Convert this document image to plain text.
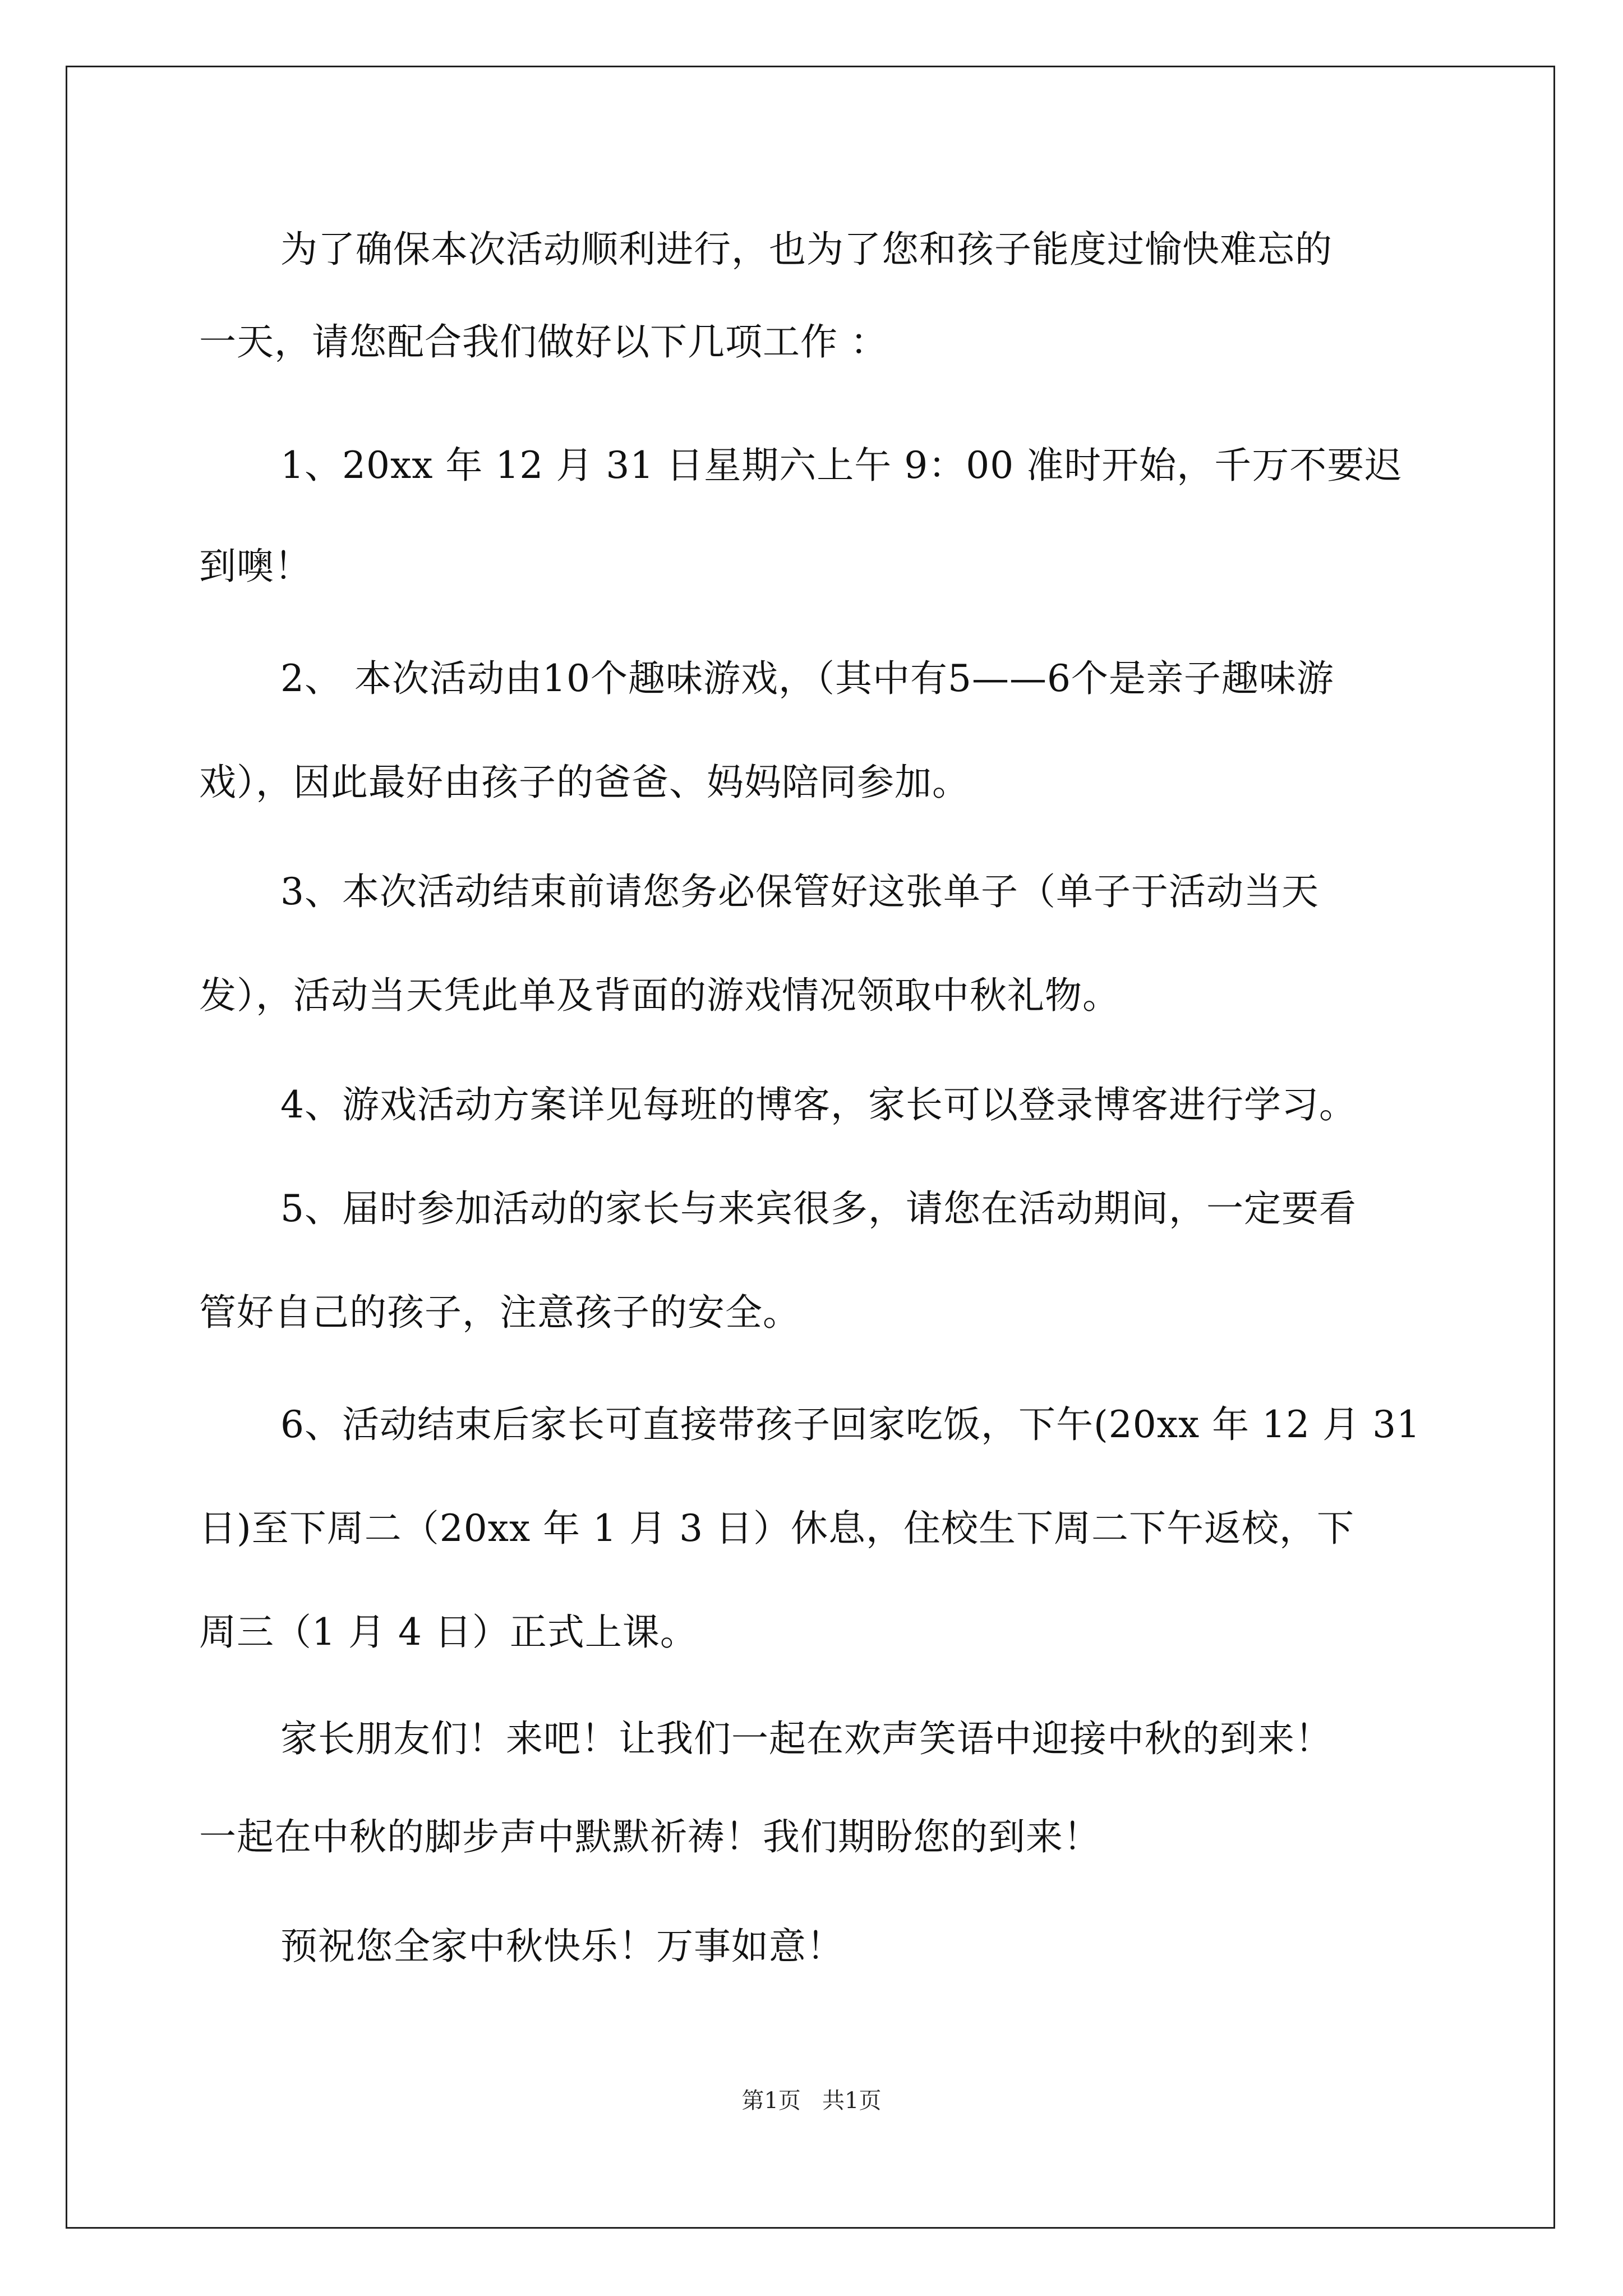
为了确保本次活动顺利进行，也为了您和孩子能度过愉快难忘的
一天，请您配合我们做好以下几项工作 ：
1、20xx 年 12 月 31 日星期六上午 9：00 准时开始，千万不要迟
到噢！
2、 本次活动由10个趣味游戏，（其中有5——6个是亲子趣味游
戏），因此最好由孩子的爸爸、妈妈陪同参加。
3、本次活动结束前请您务必保管好这张单子（单子于活动当天
发），活动当天凭此单及背面的游戏情况领取中秋礼物。
4、游戏活动方案详见每班的博客，家长可以登录博客进行学习。
5、届时参加活动的家长与来宾很多，请您在活动期间，一定要看
管好自己的孩子，注意孩子的安全。
6、活动结束后家长可直接带孩子回家吃饭，下午(20xx 年 12 月 31
日)至下周二（20xx 年 1 月 3 日）休息，住校生下周二下午返校，下
周三（1 月 4 日）正式上课。
家长朋友们！来吧！让我们一起在欢声笑语中迎接中秋的到来！
一起在中秋的脚步声中默默祈祷！我们期盼您的到来！
预祝您全家中秋快乐！万事如意！
第1页   共1页
